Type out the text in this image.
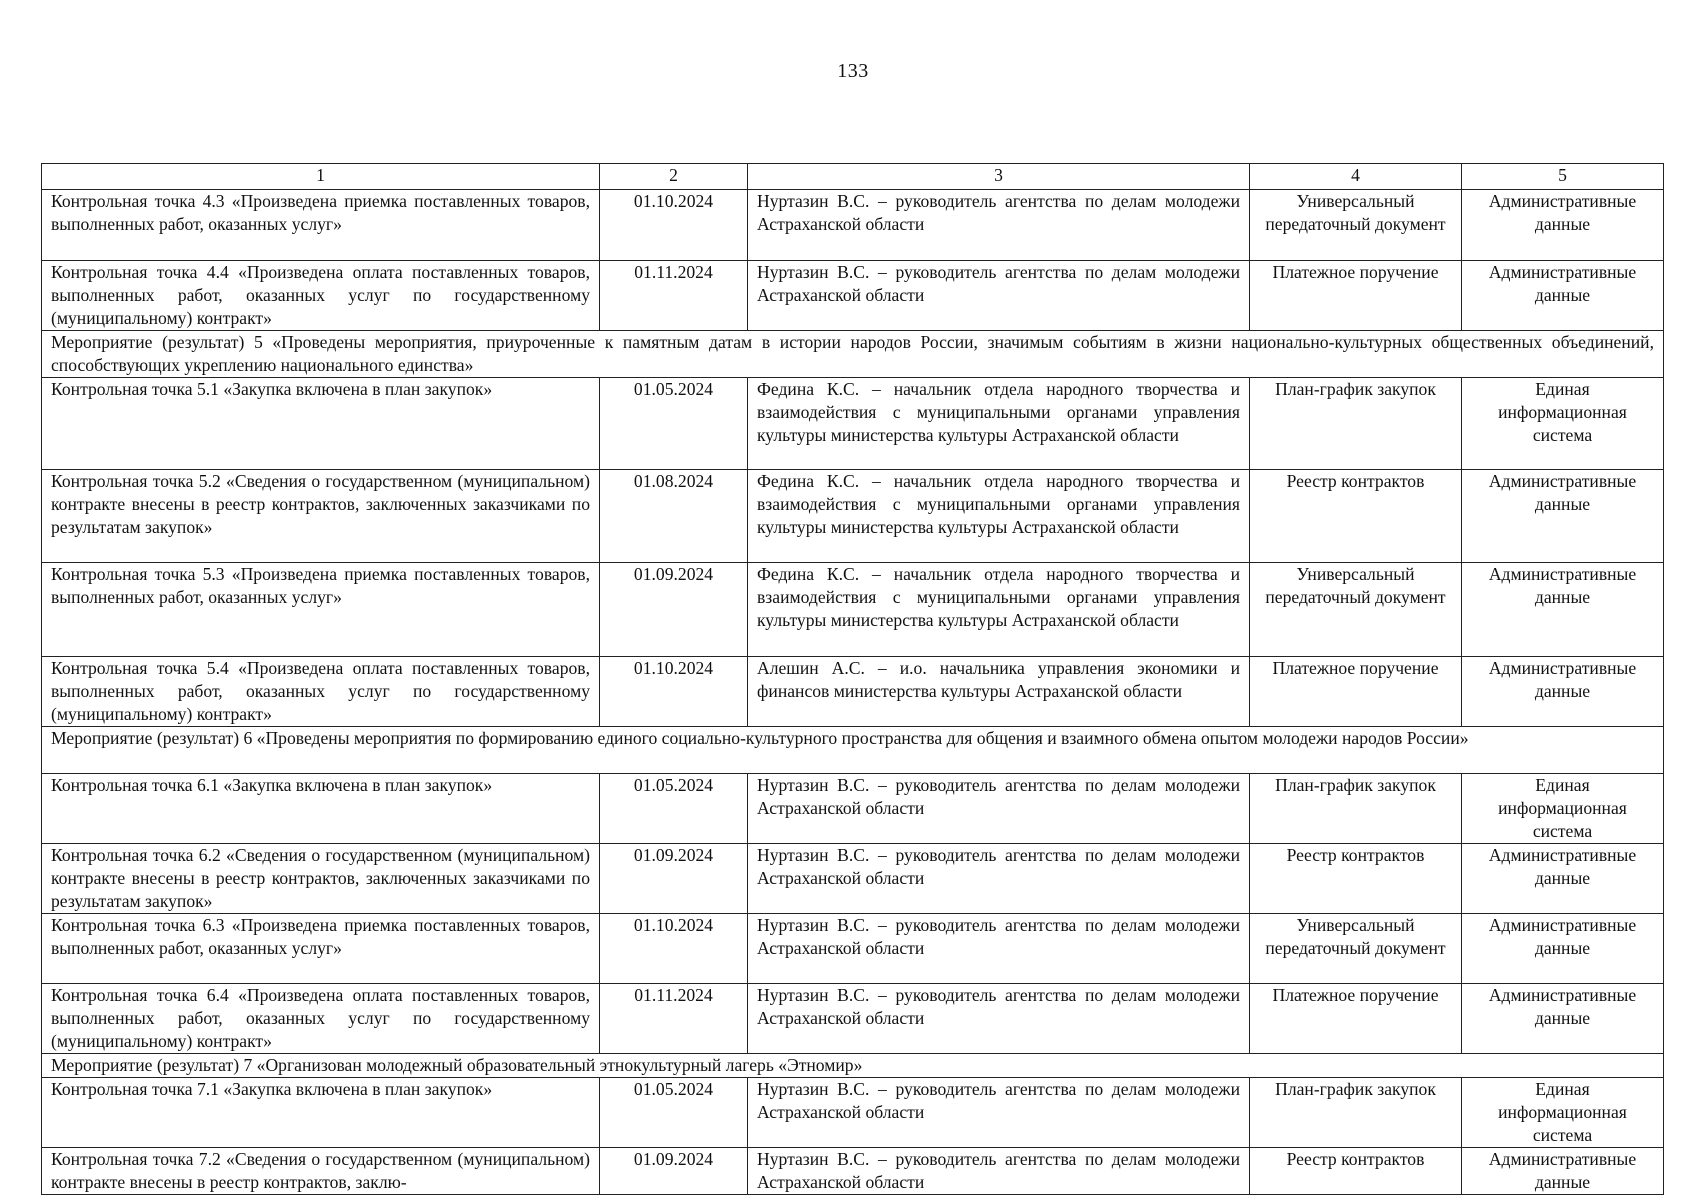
133
1	2	3	4	5
Контрольная точка 4.3 «Произведена приемка поставленных товаров, выполненных работ, оказанных услуг»	01.10.2024	Нуртазин В.С. – руководитель агентства по делам молодежи Астраханской области	Универсальный передаточный документ	Административные данные
Контрольная точка 4.4 «Произведена оплата поставленных товаров, выполненных работ, оказанных услуг по государственному (муниципальному) контракт»	01.11.2024	Нуртазин В.С. – руководитель агентства по делам молодежи Астраханской области	Платежное поручение	Административные данные
Мероприятие (результат) 5 «Проведены мероприятия, приуроченные к памятным датам в истории народов России, значимым событиям в жизни национально-культурных общественных объединений, способствующих укреплению национального единства»				
Контрольная точка 5.1 «Закупка включена в план закупок»	01.05.2024	Федина К.С. – начальник отдела народного творчества и взаимодействия с муниципальными органами управления культуры министерства культуры Астраханской области	План-график закупок	Единая информационная система
Контрольная точка 5.2 «Сведения о государственном (муниципальном) контракте внесены в реестр контрактов, заключенных заказчиками по результатам закупок»	01.08.2024	Федина К.С. – начальник отдела народного творчества и взаимодействия с муниципальными органами управления культуры министерства культуры Астраханской области	Реестр контрактов	Административные данные
Контрольная точка 5.3 «Произведена приемка поставленных товаров, выполненных работ, оказанных услуг»	01.09.2024	Федина К.С. – начальник отдела народного творчества и взаимодействия с муниципальными органами управления культуры министерства культуры Астраханской области	Универсальный передаточный документ	Административные данные
Контрольная точка 5.4 «Произведена оплата поставленных товаров, выполненных работ, оказанных услуг по государственному (муниципальному) контракт»	01.10.2024	Алешин А.С. – и.о. начальника управления экономики и финансов министерства культуры Астраханской области	Платежное поручение	Административные данные
Мероприятие (результат) 6 «Проведены мероприятия по формированию единого социально-культурного пространства для общения и взаимного обмена опытом молодежи народов России»				
Контрольная точка 6.1 «Закупка включена в план закупок»	01.05.2024	Нуртазин В.С. – руководитель агентства по делам молодежи Астраханской области	План-график закупок	Единая информационная система
Контрольная точка 6.2 «Сведения о государственном (муниципальном) контракте внесены в реестр контрактов, заключенных заказчиками по результатам закупок»	01.09.2024	Нуртазин В.С. – руководитель агентства по делам молодежи Астраханской области	Реестр контрактов	Административные данные
Контрольная точка 6.3 «Произведена приемка поставленных товаров, выполненных работ, оказанных услуг»	01.10.2024	Нуртазин В.С. – руководитель агентства по делам молодежи Астраханской области	Универсальный передаточный документ	Административные данные
Контрольная точка 6.4 «Произведена оплата поставленных товаров, выполненных работ, оказанных услуг по государственному (муниципальному) контракт»	01.11.2024	Нуртазин В.С. – руководитель агентства по делам молодежи Астраханской области	Платежное поручение	Административные данные
Мероприятие (результат) 7 «Организован молодежный образовательный этнокультурный лагерь «Этномир»				
Контрольная точка 7.1 «Закупка включена в план закупок»	01.05.2024	Нуртазин В.С. – руководитель агентства по делам молодежи Астраханской области	План-график закупок	Единая информационная система
Контрольная точка 7.2 «Сведения о государственном (муниципальном) контракте внесены в реестр контрактов, заклю-	01.09.2024	Нуртазин В.С. – руководитель агентства по делам молодежи Астраханской области	Реестр контрактов	Административные данные
